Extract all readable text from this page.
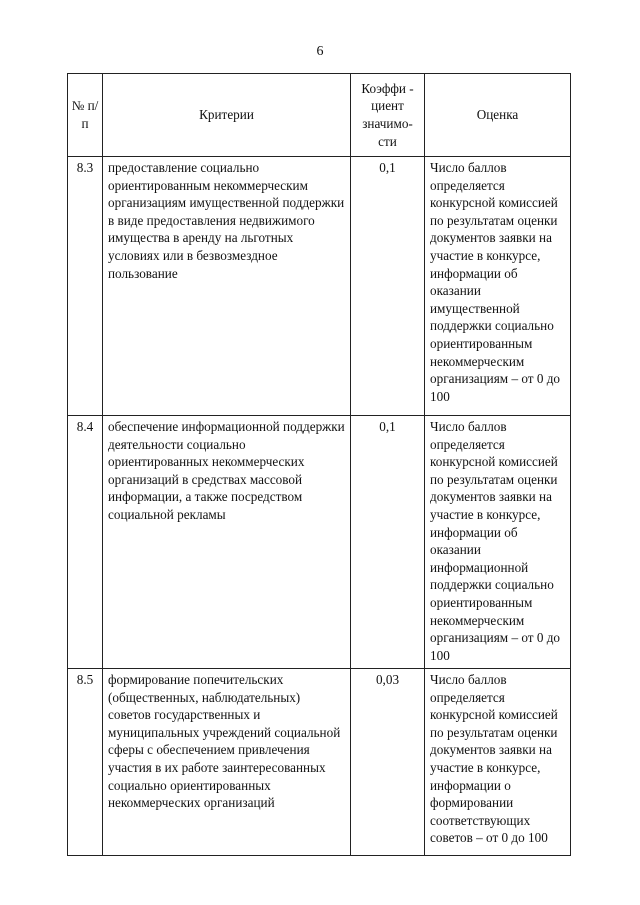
6
№ п/п	Критерии	Коэффи - циент значимо- сти	Оценка
8.3	предоставление социально ориентированным некоммерческим организациям имущественной поддержки в виде предоставления недвижимого имущества в аренду на льготных условиях или в безвозмездное пользование	0,1	Число баллов определяется конкурсной комиссией по результатам оценки документов заявки на участие в конкурсе, информации об оказании имущественной поддержки социально ориентированным некоммерческим организациям – от 0 до 100
8.4	обеспечение информационной поддержки деятельности социально ориентированных некоммерческих организаций в средствах массовой информации, а также посредством социальной рекламы	0,1	Число баллов определяется конкурсной комиссией по результатам оценки документов заявки на участие в конкурсе, информации об оказании информационной поддержки социально ориентированным некоммерческим организациям – от 0 до 100
8.5	формирование попечительских (общественных, наблюдательных) советов государственных и муниципальных учреждений социальной сферы с обеспечением привлечения участия в их работе заинтересованных социально ориентированных некоммерческих организаций	0,03	Число баллов определяется конкурсной комиссией по результатам оценки документов заявки на участие в конкурсе, информации о формировании соответствующих советов – от 0 до 100
